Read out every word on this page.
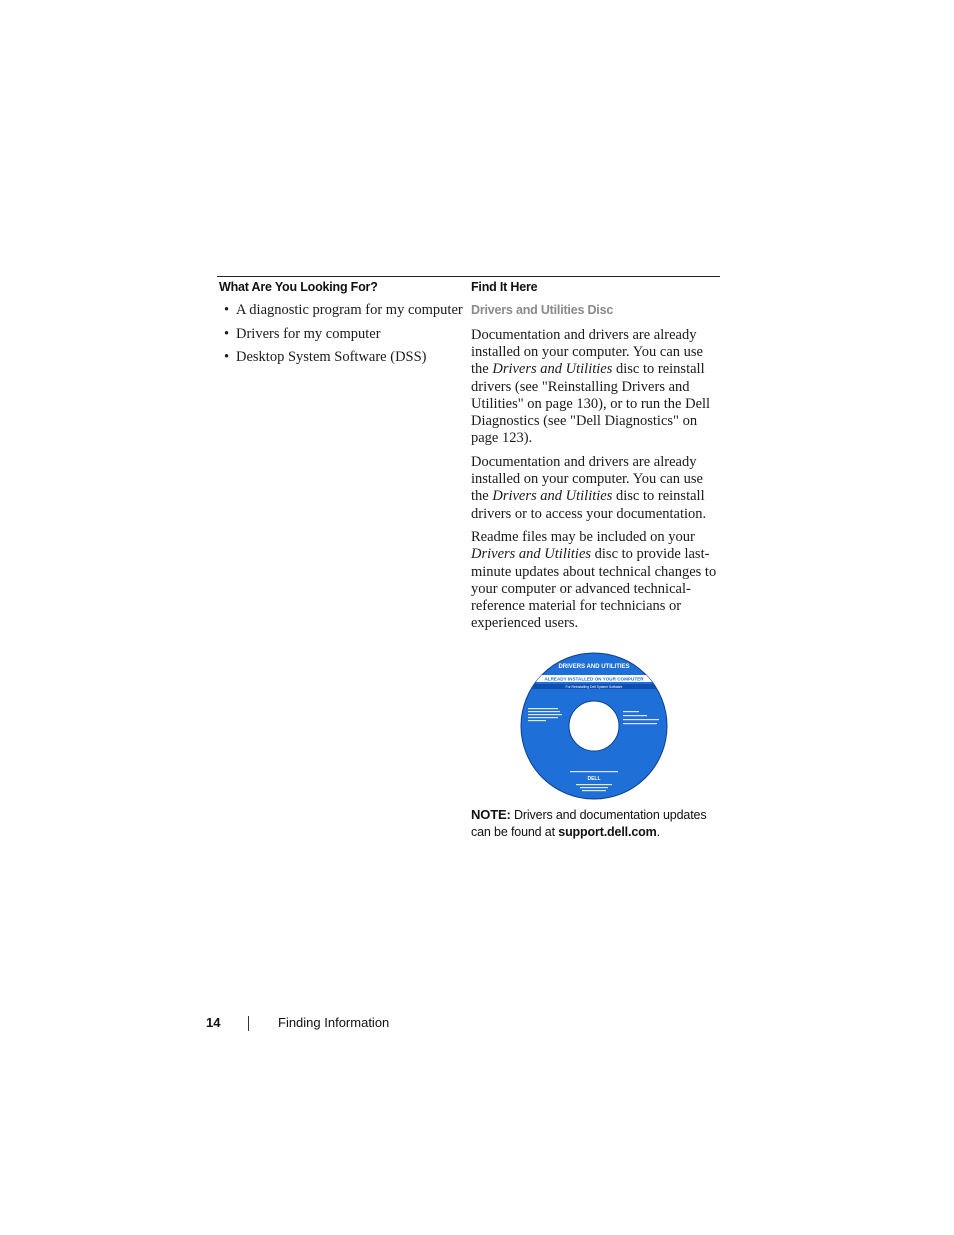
What Are You Looking For?	Find It Here
• A diagnostic program for my computer
• Drivers for my computer
• Desktop System Software (DSS)
Drivers and Utilities Disc

Documentation and drivers are already installed on your computer. You can use the Drivers and Utilities disc to reinstall drivers (see "Reinstalling Drivers and Utilities" on page 130), or to run the Dell Diagnostics (see "Dell Diagnostics" on page 123).

Documentation and drivers are already installed on your computer. You can use the Drivers and Utilities disc to reinstall drivers or to access your documentation.

Readme files may be included on your Drivers and Utilities disc to provide last-minute updates about technical changes to your computer or advanced technical-reference material for technicians or experienced users.

DRIVERS AND UTILITIES
ALREADY INSTALLED ON YOUR COMPUTER
For Reinstalling Dell System Software
DELL
NOTE: Drivers and documentation updates can be found at support.dell.com.
14	Finding Information
